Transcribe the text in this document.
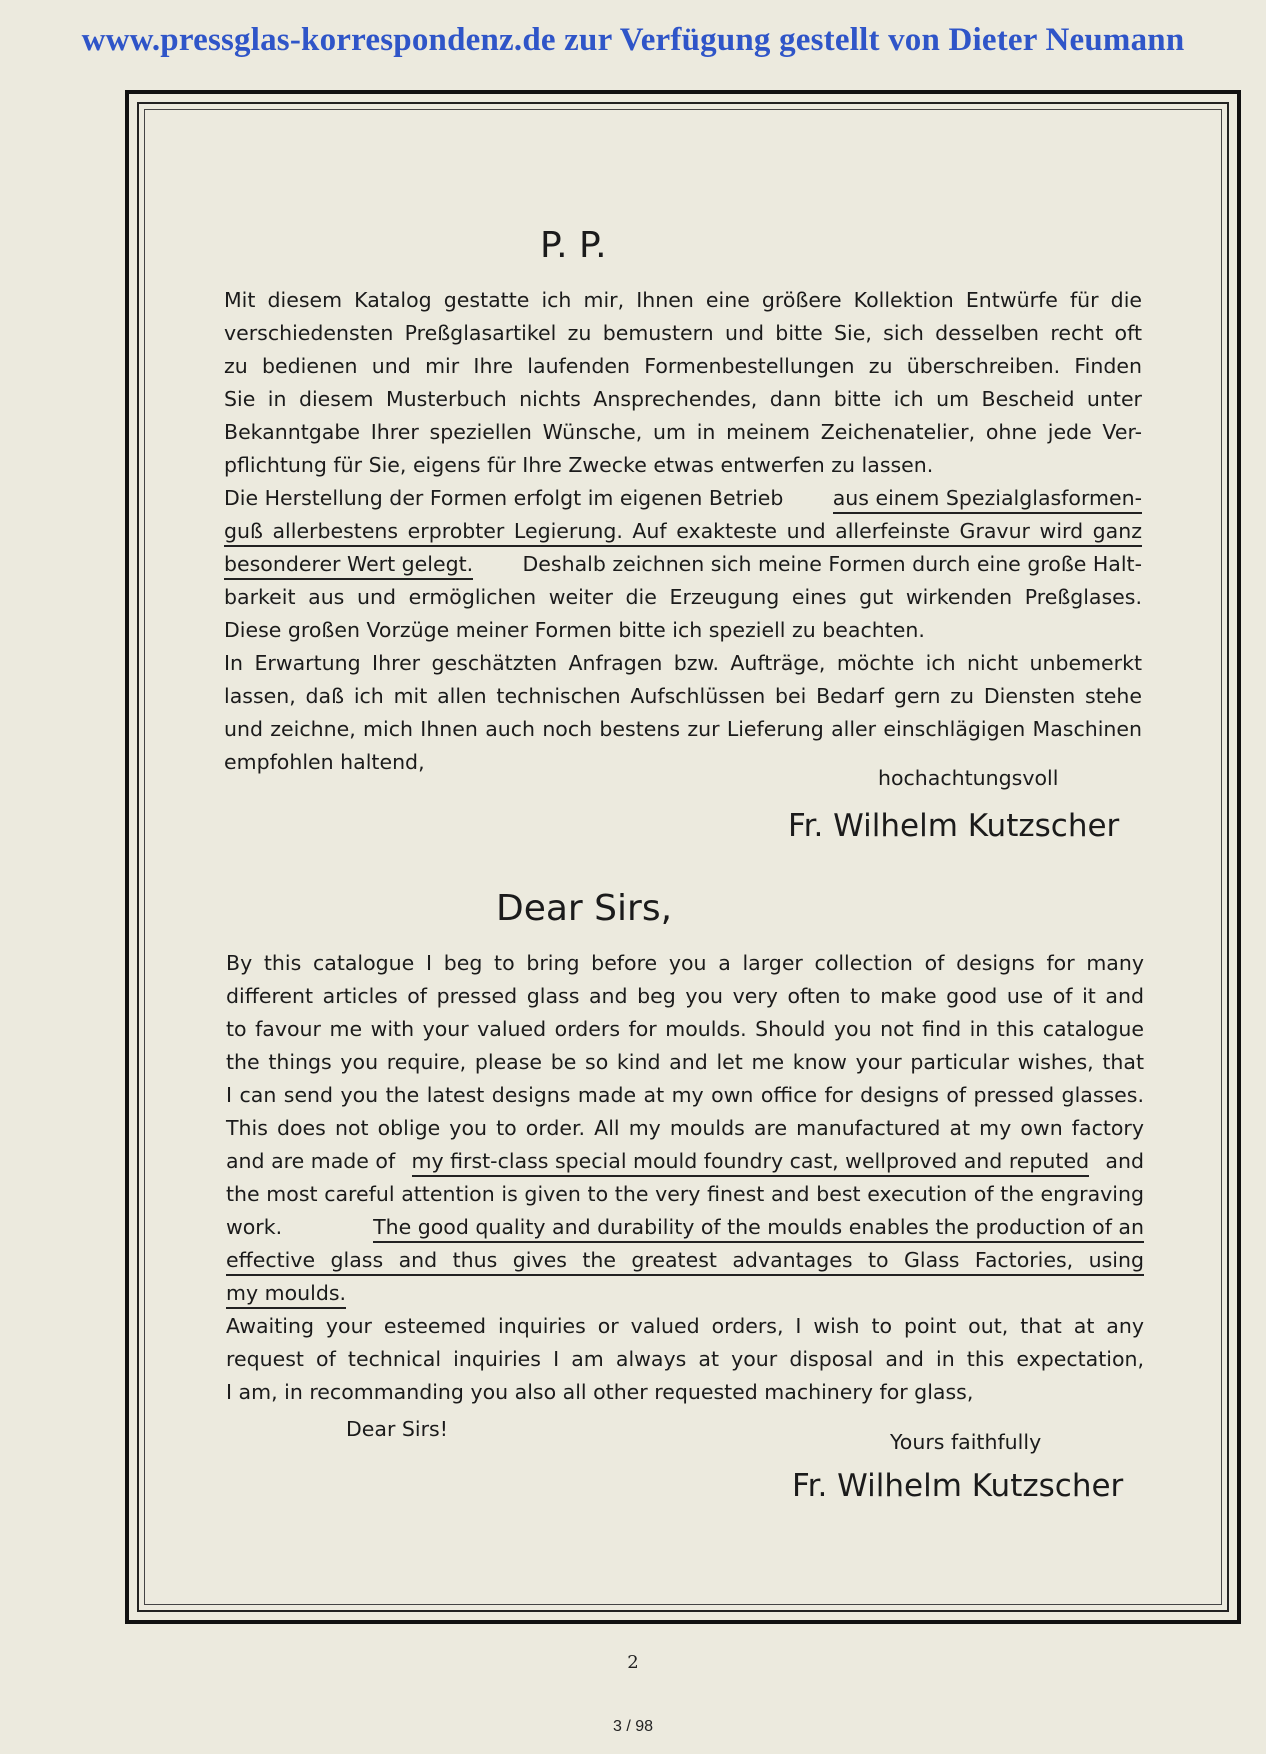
www.pressglas-korrespondenz.de zur Verfügung gestellt von Dieter Neumann
P. P.
Mit diesem Katalog gestatte ich mir, Ihnen eine größere Kollektion Entwürfe für die
verschiedensten Preßglasartikel zu bemustern und bitte Sie, sich desselben recht oft
zu bedienen und mir Ihre laufenden Formenbestellungen zu überschreiben. Finden
Sie in diesem Musterbuch nichts Ansprechendes, dann bitte ich um Bescheid unter
Bekanntgabe Ihrer speziellen Wünsche, um in meinem Zeichenatelier, ohne jede Ver-
pflichtung für Sie, eigens für Ihre Zwecke etwas entwerfen zu lassen.
Die Herstellung der Formen erfolgt im eigenen Betrieb aus einem Spezialglasformen-
guß allerbestens erprobter Legierung. Auf exakteste und allerfeinste Gravur wird ganz
besonderer Wert gelegt. Deshalb zeichnen sich meine Formen durch eine große Halt-
barkeit aus und ermöglichen weiter die Erzeugung eines gut wirkenden Preßglases.
Diese großen Vorzüge meiner Formen bitte ich speziell zu beachten.
In Erwartung Ihrer geschätzten Anfragen bzw. Aufträge, möchte ich nicht unbemerkt
lassen, daß ich mit allen technischen Aufschlüssen bei Bedarf gern zu Diensten stehe
und zeichne, mich Ihnen auch noch bestens zur Lieferung aller einschlägigen Maschinen
empfohlen haltend,
hochachtungsvoll
Fr. Wilhelm Kutzscher
Dear Sirs,
By this catalogue I beg to bring before you a larger collection of designs for many
different articles of pressed glass and beg you very often to make good use of it and
to favour me with your valued orders for moulds. Should you not find in this catalogue
the things you require, please be so kind and let me know your particular wishes, that
I can send you the latest designs made at my own office for designs of pressed glasses.
This does not oblige you to order. All my moulds are manufactured at my own factory
and are made of my first-class special mould foundry cast, wellproved and reputed and
the most careful attention is given to the very finest and best execution of the engraving
work.	The good quality and durability of the moulds enables the production of an
effective glass and thus gives the greatest advantages to Glass Factories, using
my moulds.
Awaiting your esteemed inquiries or valued orders, I wish to point out, that at any
request of technical inquiries I am always at your disposal and in this expectation,
I am, in recommanding you also all other requested machinery for glass,
Dear Sirs!
Yours faithfully
Fr. Wilhelm Kutzscher
2
3 / 98
